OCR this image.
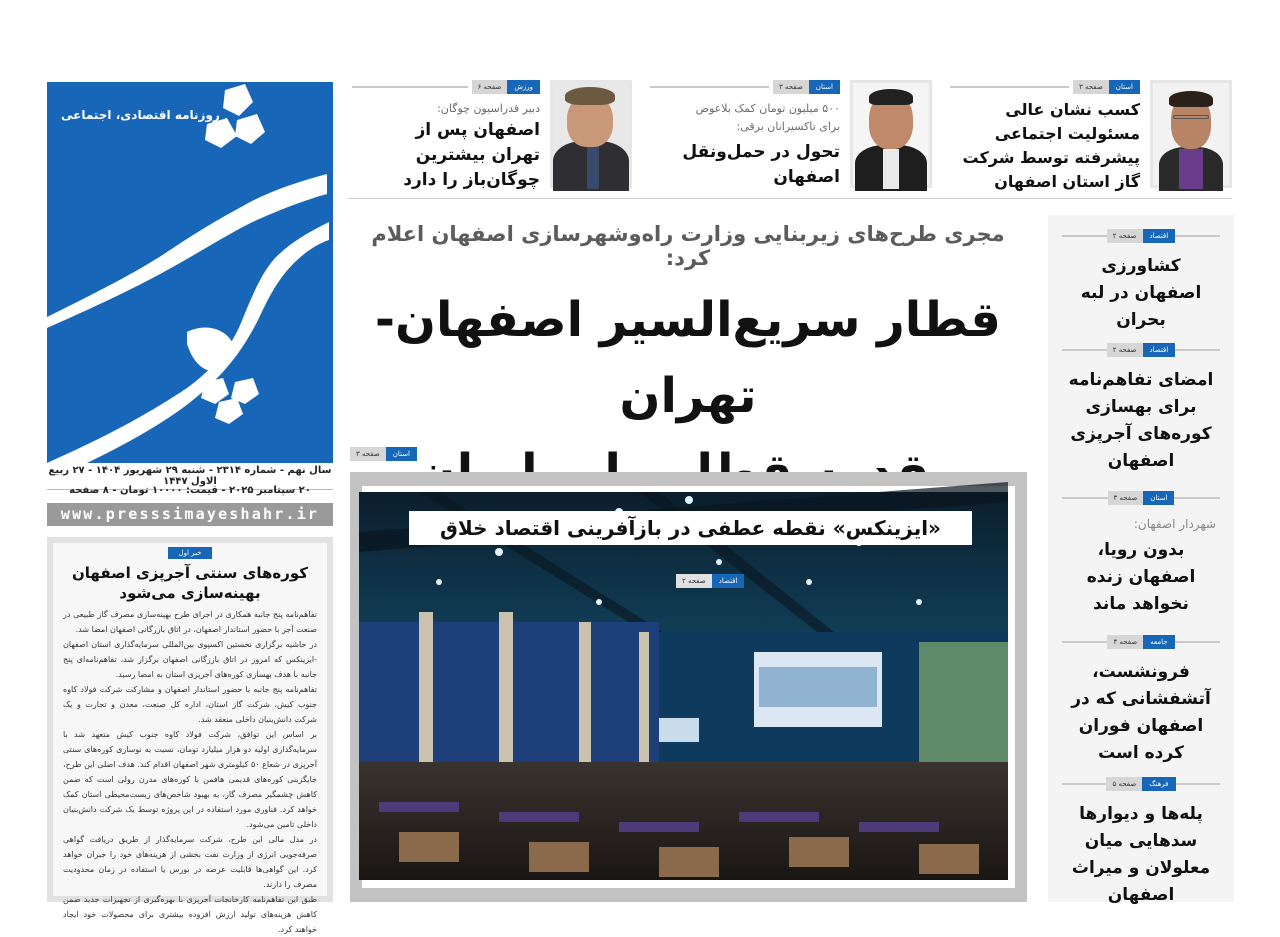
استان
صفحه ۳
کسب نشان عالی مسئولیت اجتماعی پیشرفته توسط شرکت گاز استان اصفهان
استان
صفحه ۳
۵۰۰ میلیون تومان کمک بلاعوض برای تاکسیرانان برقی:
تحول در حمل‌ونقل اصفهان
ورزش
صفحه ۶
دبیر فدراسیون چوگان:
اصفهان پس از تهران بیشترین چوگان‌باز را دارد
روزنامه اقتصادی، اجتماعی
سال نهم - شماره ۲۳۱۴ - شنبه ۲۹ شهریور ۱۴۰۴ - ۲۷ ربیع الاول ۱۴۴۷
۲۰ سپتامبر ۲۰۲۵ - قیمت: ۱۰۰۰۰ تومان - ۸ صفحه
www.presssimayeshahr.ir
خبر اول
کوره‌های سنتی آجرپزی اصفهان بهینه‌سازی می‌شود

تفاهم‌نامه پنج جانبه همکاری در اجرای طرح بهینه‌سازی مصرف گاز طبیعی در صنعت آجر با حضور استاندار اصفهان، در اتاق بازرگانی اصفهان امضا شد.

در حاشیه برگزاری نخستین اکسپوی بین‌المللی سرمایه‌گذاری استان اصفهان -ایزینکس که امروز در اتاق بازرگانی اصفهان برگزار شد، تفاهم‌نامه‌ای پنج جانبه با هدف بهسازی کوره‌های آجرپزی استان به امضا رسید.

تفاهم‌نامه پنج جانبه با حضور استاندار اصفهان و مشارکت شرکت فولاد کاوه جنوب کیش، شرکت گاز استان، اداره کل صنعت، معدن و تجارت و یک شرکت دانش‌بنیان داخلی منعقد شد.

بر اساس این توافق، شرکت فولاد کاوه جنوب کیش متعهد شد با سرمایه‌گذاری اولیه دو هزار میلیارد تومان، نسبت به نوسازی کوره‌های سنتی آجرپزی در شعاع ۵۰ کیلومتری شهر اصفهان اقدام کند. هدف اصلی این طرح، جایگزینی کوره‌های قدیمی هافمن با کوره‌های مدرن رولی است که ضمن کاهش چشمگیر مصرف گاز، به بهبود شاخص‌های زیست‌محیطی استان کمک خواهد کرد. فناوری مورد استفاده در این پروژه توسط یک شرکت دانش‌بنیان داخلی تامین می‌شود.

در مدل مالی این طرح، شرکت سرمایه‌گذار از طریق دریافت گواهی صرفه‌جویی انرژی از وزارت نفت بخشی از هزینه‌های خود را جبران خواهد کرد. این گواهی‌ها قابلیت عرضه در بورس یا استفاده در زمان محدودیت مصرف را دارند.

طبق این تفاهم‌نامه کارخانجات آجرپزی با بهره‌گیری از تجهیزات جدید ضمن کاهش هزینه‌های تولید ارزش افزوده بیشتری برای محصولات خود ایجاد خواهند کرد.

مجری طرح‌های زیربنایی وزارت راه‌وشهرسازی اصفهان اعلام کرد:
قطار سریع‌السیر اصفهان-تهران
صفحه ۳	استان
«ایزینکس» نقطه عطفی در بازآفرینی اقتصاد خلاق
صفحه ۲	اقتصاد
اقتصاد
صفحه ۲
کشاورزی اصفهان در لبه بحران
اقتصاد
صفحه ۲
امضای تفاهم‌نامه برای بهسازی کوره‌های آجرپزی اصفهان
استان
صفحه ۳
شهردار اصفهان:
بدون رویا، اصفهان زنده نخواهد ماند
جامعه
صفحه ۴
فرونشست، آتشفشانی که در اصفهان فوران کرده است
فرهنگ
صفحه ۵
پله‌ها و دیوارها سدهایی میان معلولان و میراث اصفهان
